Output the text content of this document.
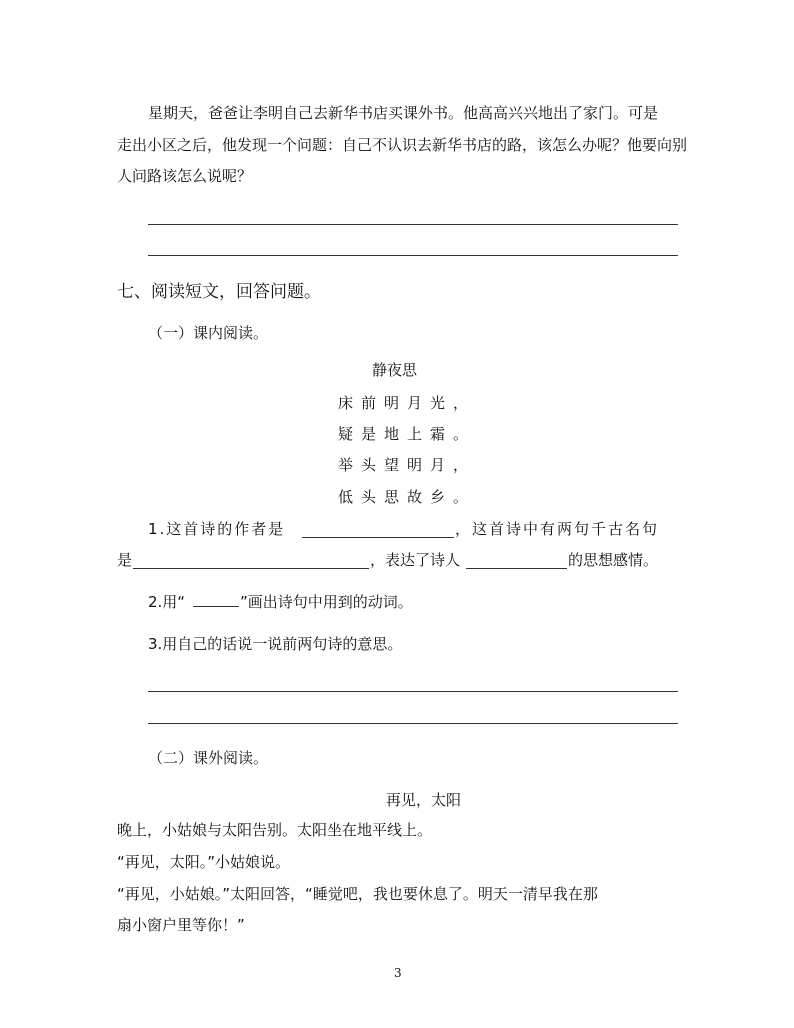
星期天，爸爸让李明自己去新华书店买课外书。他高高兴兴地出了家门。可是
走出小区之后，他发现一个问题：自己不认识去新华书店的路，该怎么办呢？他要向别
人问路该怎么说呢？
七、阅读短文，回答问题。
（一）课内阅读。
静夜思
床前明月光，
疑是地上霜。
举头望明月，
低头思故乡。
1.这首诗的作者是	，这首诗中有两句千古名句
是	，表达了诗人	的思想感情。
2.用“	”画出诗句中用到的动词。
3.用自己的话说一说前两句诗的意思。
（二）课外阅读。
再见，太阳
晚上，小姑娘与太阳告别。太阳坐在地平线上。
“再见，太阳。”小姑娘说。
“再见，小姑娘。”太阳回答，“睡觉吧，我也要休息了。明天一清早我在那
扇小窗户里等你！”
3
